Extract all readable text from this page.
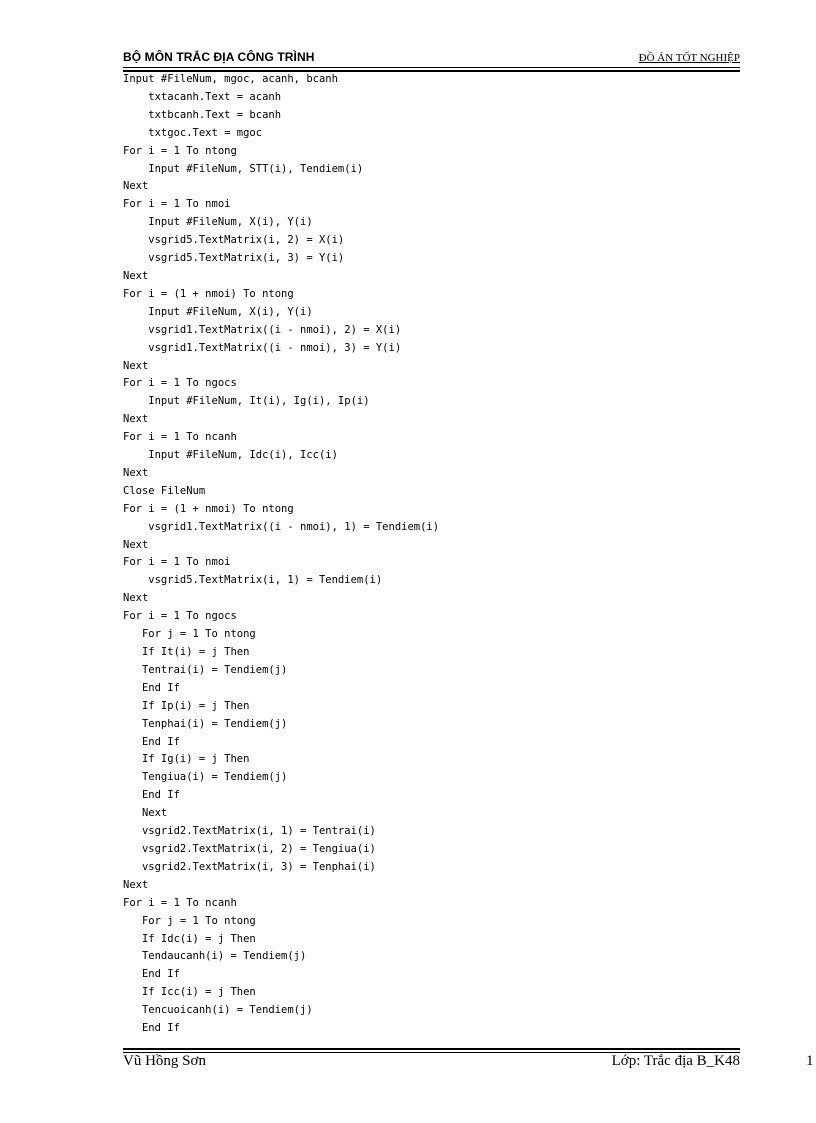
BỘ MÔN TRẮC ĐỊA CÔNG TRÌNH	ĐỒ ÁN TỐT NGHIỆP
Input #FileNum, mgoc, acanh, bcanh
txtacanh.Text = acanh
txtbcanh.Text = bcanh
txtgoc.Text = mgoc
For i = 1 To ntong
Input #FileNum, STT(i), Tendiem(i)
Next
For i = 1 To nmoi
Input #FileNum, X(i), Y(i)
vsgrid5.TextMatrix(i, 2) = X(i)
vsgrid5.TextMatrix(i, 3) = Y(i)
Next
For i = (1 + nmoi) To ntong
Input #FileNum, X(i), Y(i)
vsgrid1.TextMatrix((i - nmoi), 2) = X(i)
vsgrid1.TextMatrix((i - nmoi), 3) = Y(i)
Next
For i = 1 To ngocs
Input #FileNum, It(i), Ig(i), Ip(i)
Next
For i = 1 To ncanh
Input #FileNum, Idc(i), Icc(i)
Next
Close FileNum
For i = (1 + nmoi) To ntong
vsgrid1.TextMatrix((i - nmoi), 1) = Tendiem(i)
Next
For i = 1 To nmoi
vsgrid5.TextMatrix(i, 1) = Tendiem(i)
Next
For i = 1 To ngocs
For j = 1 To ntong
If It(i) = j Then
Tentrai(i) = Tendiem(j)
End If
If Ip(i) = j Then
Tenphai(i) = Tendiem(j)
End If
If Ig(i) = j Then
Tengiua(i) = Tendiem(j)
End If
Next
vsgrid2.TextMatrix(i, 1) = Tentrai(i)
vsgrid2.TextMatrix(i, 2) = Tengiua(i)
vsgrid2.TextMatrix(i, 3) = Tenphai(i)
Next
For i = 1 To ncanh
For j = 1 To ntong
If Idc(i) = j Then
Tendaucanh(i) = Tendiem(j)
End If
If Icc(i) = j Then
Tencuoicanh(i) = Tendiem(j)
End If
Vũ Hồng Sơn	Lớp: Trắc địa B_K48	1
